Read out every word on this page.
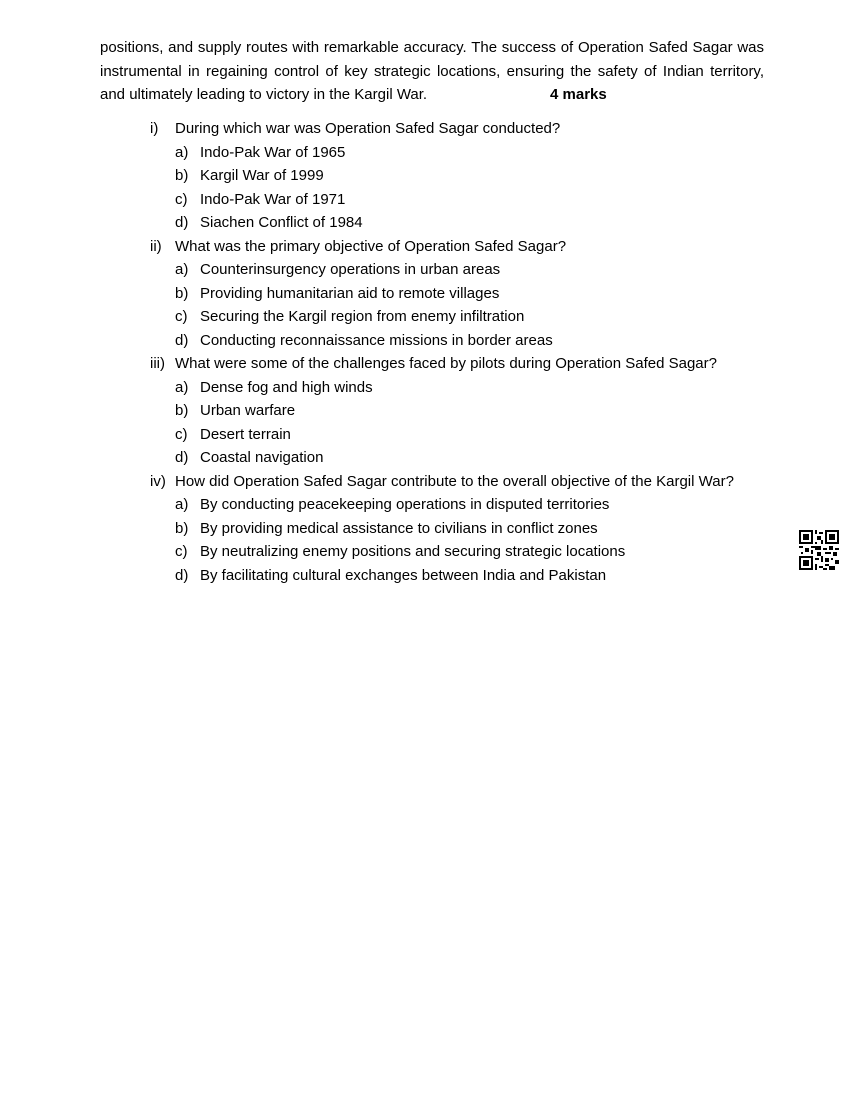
positions, and supply routes with remarkable accuracy. The success of Operation Safed Sagar was
instrumental in regaining control of key strategic locations, ensuring the safety of Indian territory,
and ultimately leading to victory in the Kargil War.	4 marks
i) During which war was Operation Safed Sagar conducted?
a) Indo-Pak War of 1965
b) Kargil War of 1999
c) Indo-Pak War of 1971
d) Siachen Conflict of 1984
ii) What was the primary objective of Operation Safed Sagar?
a) Counterinsurgency operations in urban areas
b) Providing humanitarian aid to remote villages
c) Securing the Kargil region from enemy infiltration
d) Conducting reconnaissance missions in border areas
iii) What were some of the challenges faced by pilots during Operation Safed Sagar?
a) Dense fog and high winds
b) Urban warfare
c) Desert terrain
d) Coastal navigation
iv) How did Operation Safed Sagar contribute to the overall objective of the Kargil War?
a) By conducting peacekeeping operations in disputed territories
b) By providing medical assistance to civilians in conflict zones
c) By neutralizing enemy positions and securing strategic locations
d) By facilitating cultural exchanges between India and Pakistan
